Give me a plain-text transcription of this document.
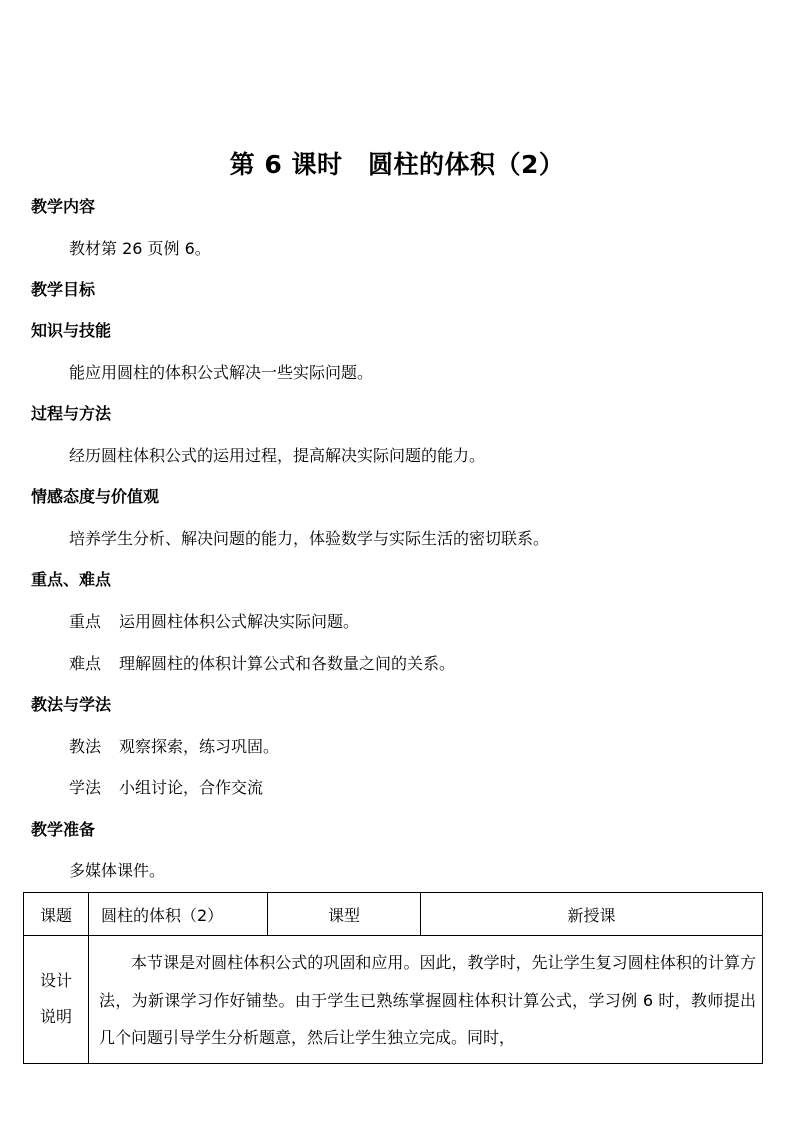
第 6 课时　圆柱的体积（2）
教学内容
教材第 26 页例 6。
教学目标
知识与技能
能应用圆柱的体积公式解决一些实际问题。
过程与方法
经历圆柱体积公式的运用过程，提高解决实际问题的能力。
情感态度与价值观
培养学生分析、解决问题的能力，体验数学与实际生活的密切联系。
重点、难点
重点 运用圆柱体积公式解决实际问题。
难点 理解圆柱的体积计算公式和各数量之间的关系。
教法与学法
教法 观察探索，练习巩固。
学法 小组讨论，合作交流
教学准备
多媒体课件。
课题	圆柱的体积（2）	课型	新授课

设计
说明	本节课是对圆柱体积公式的巩固和应用。因此，教学时，先让学生复习圆柱体积的计算方法，为新课学习作好铺垫。由于学生已熟练掌握圆柱体积计算公式，学习例 6 时，教师提出几个问题引导学生分析题意，然后让学生独立完成。同时，		
